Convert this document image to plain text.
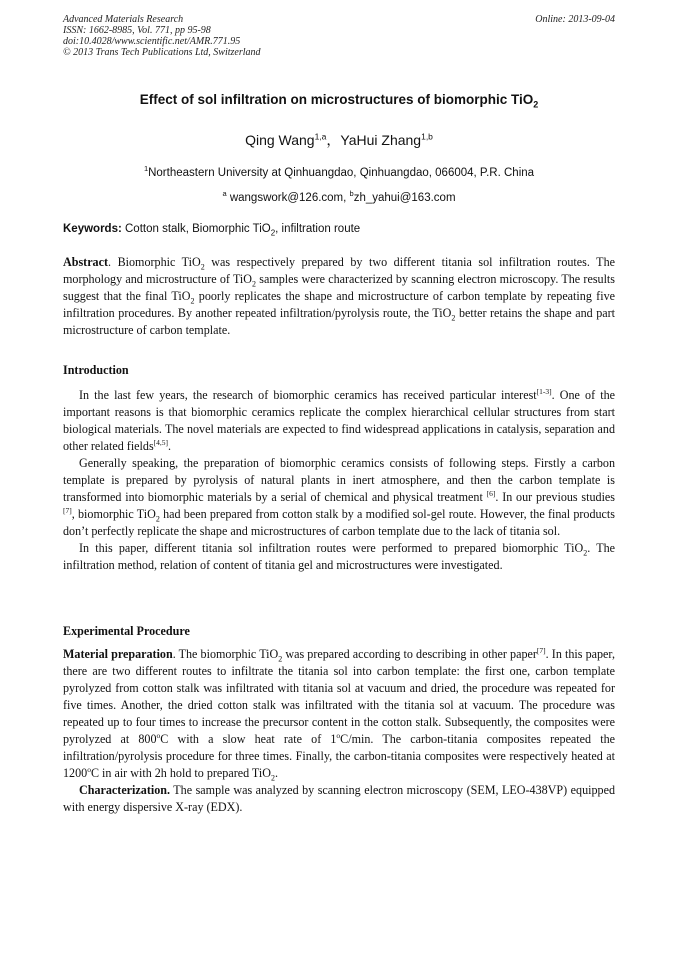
Advanced Materials Research
ISSN: 1662-8985, Vol. 771, pp 95-98
doi:10.4028/www.scientific.net/AMR.771.95
© 2013 Trans Tech Publications Ltd, Switzerland
Online: 2013-09-04
Effect of sol infiltration on microstructures of biomorphic TiO$_2$
Qing Wang$^{1,a}$，YaHui Zhang$^{1,b}$
$^1$Northeastern University at Qinhuangdao, Qinhuangdao, 066004, P.R. China
$^a$ wangswork@126.com, $^b$zh_yahui@163.com
Keywords: Cotton stalk, Biomorphic TiO$_2$, infiltration route

Abstract. Biomorphic TiO$_2$ was respectively prepared by two different titania sol infiltration routes. The morphology and microstructure of TiO$_2$ samples were characterized by scanning electron microscopy. The results suggest that the final TiO$_2$ poorly replicates the shape and microstructure of carbon template by repeating five infiltration procedures. By another repeated infiltration/pyrolysis route, the TiO$_2$ better retains the shape and part microstructure of carbon template.

Introduction

In the last few years, the research of biomorphic ceramics has received particular interest[1-3]. One of the important reasons is that biomorphic ceramics replicate the complex hierarchical cellular structures from start biological materials. The novel materials are expected to find widespread applications in catalysis, separation and other related fields[4,5].

Generally speaking, the preparation of biomorphic ceramics consists of following steps. Firstly a carbon template is prepared by pyrolysis of natural plants in inert atmosphere, and then the carbon template is transformed into biomorphic materials by a serial of chemical and physical treatment [6]. In our previous studies [7], biomorphic TiO$_2$ had been prepared from cotton stalk by a modified sol-gel route. However, the final products don’t perfectly replicate the shape and microstructures of carbon template due to the lack of titania sol.

In this paper, different titania sol infiltration routes were performed to prepared biomorphic TiO$_2$. The infiltration method, relation of content of titania gel and microstructures were investigated.

Experimental Procedure

Material preparation. The biomorphic TiO$_2$ was prepared according to describing in other paper[7]. In this paper, there are two different routes to infiltrate the titania sol into carbon template: the first one, carbon template pyrolyzed from cotton stalk was infiltrated with titania sol at vacuum and dried, the procedure was repeated for five times. Another, the dried cotton stalk was infiltrated with the titania sol at vacuum. The procedure was repeated up to four times to increase the precursor content in the cotton stalk. Subsequently, the composites were pyrolyzed at 800$^o$C with a slow heat rate of 1$^o$C/min. The carbon-titania composites repeated the infiltration/pyrolysis procedure for three times. Finally, the carbon-titania composites were respectively heated at 1200$^o$C in air with 2h hold to prepared TiO$_2$.

Characterization. The sample was analyzed by scanning electron microscopy (SEM, LEO-438VP) equipped with energy dispersive X-ray (EDX).
